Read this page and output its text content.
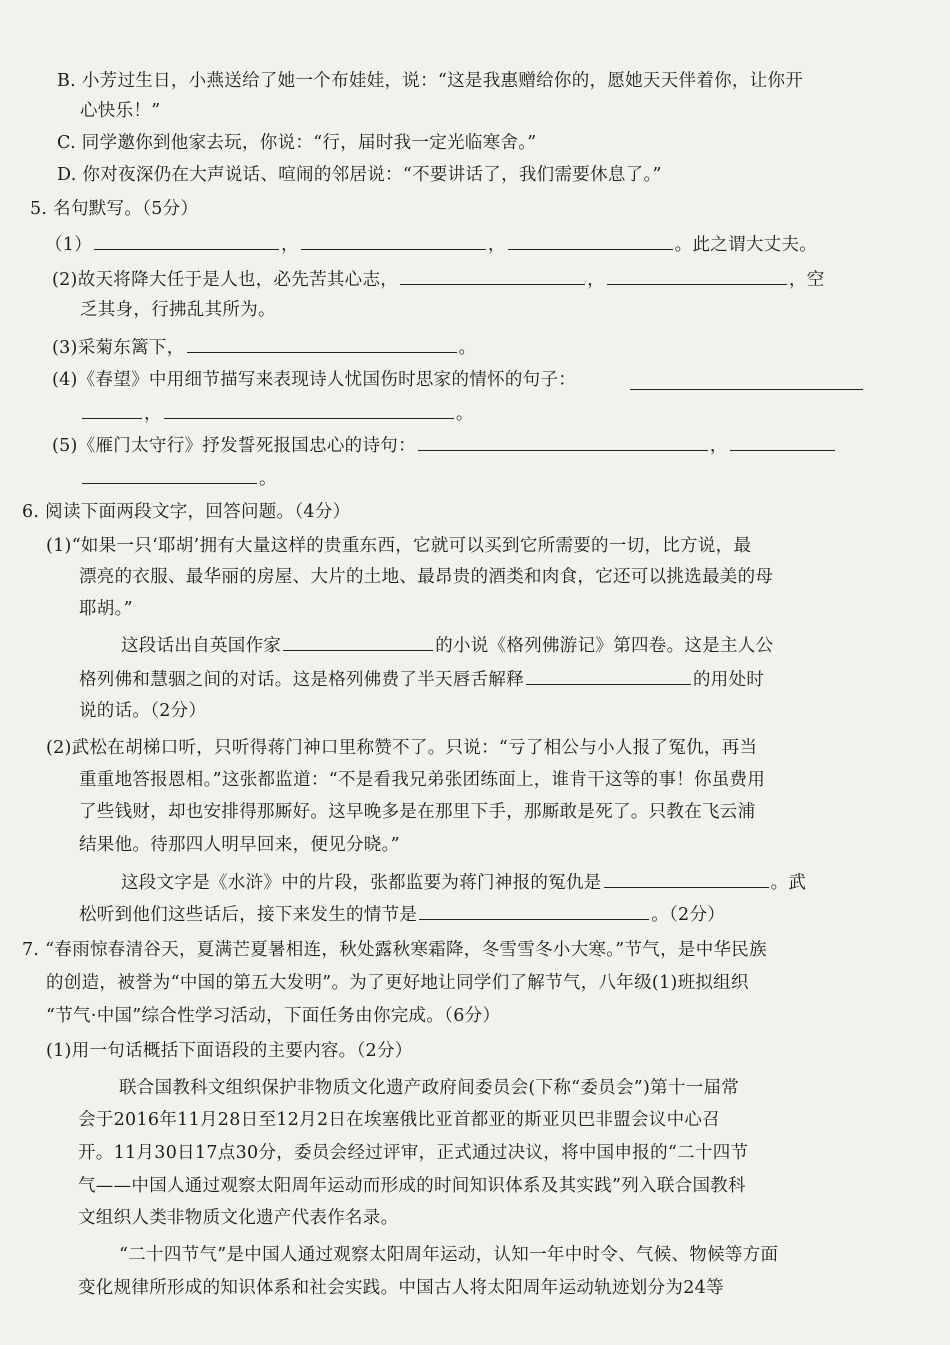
B. 小芳过生日，小燕送给了她一个布娃娃，说：“这是我惠赠给你的，愿她天天伴着你，让你开
心快乐！”
C. 同学邀你到他家去玩，你说：“行，届时我一定光临寒舍。”
D. 你对夜深仍在大声说话、喧闹的邻居说：“不要讲话了，我们需要休息了。”
5. 名句默写。（5分）
（1）	，	，	。此之谓大丈夫。
(2)故天将降大任于是人也，必先苦其心志，	，	，空
乏其身，行拂乱其所为。
(3)采菊东篱下，	。
(4)《春望》中用细节描写来表现诗人忧国伤时思家的情怀的句子：
，	。
(5)《雁门太守行》抒发誓死报国忠心的诗句：	，
。
6. 阅读下面两段文字，回答问题。（4分）
(1)“如果一只‘耶胡’拥有大量这样的贵重东西，它就可以买到它所需要的一切，比方说，最
漂亮的衣服、最华丽的房屋、大片的土地、最昂贵的酒类和肉食，它还可以挑选最美的母
耶胡。”
这段话出自英国作家	的小说《格列佛游记》第四卷。这是主人公
格列佛和慧骃之间的对话。这是格列佛费了半天唇舌解释	的用处时
说的话。（2分）
(2)武松在胡梯口听，只听得蒋门神口里称赞不了。只说：“亏了相公与小人报了冤仇，再当
重重地答报恩相。”这张都监道：“不是看我兄弟张团练面上，谁肯干这等的事！你虽费用
了些钱财，却也安排得那厮好。这早晚多是在那里下手，那厮敢是死了。只教在飞云浦
结果他。待那四人明早回来，便见分晓。”
这段文字是《水浒》中的片段，张都监要为蒋门神报的冤仇是	。武
松听到他们这些话后，接下来发生的情节是	。（2分）
7. “春雨惊春清谷天，夏满芒夏暑相连，秋处露秋寒霜降，冬雪雪冬小大寒。”节气，是中华民族
的创造，被誉为“中国的第五大发明”。为了更好地让同学们了解节气，八年级(1)班拟组织
“节气·中国”综合性学习活动，下面任务由你完成。（6分）
(1)用一句话概括下面语段的主要内容。（2分）
联合国教科文组织保护非物质文化遗产政府间委员会(下称“委员会”)第十一届常
会于2016年11月28日至12月2日在埃塞俄比亚首都亚的斯亚贝巴非盟会议中心召
开。11月30日17点30分，委员会经过评审，正式通过决议，将中国申报的“二十四节
气——中国人通过观察太阳周年运动而形成的时间知识体系及其实践”列入联合国教科
文组织人类非物质文化遗产代表作名录。
“二十四节气”是中国人通过观察太阳周年运动，认知一年中时令、气候、物候等方面
变化规律所形成的知识体系和社会实践。中国古人将太阳周年运动轨迹划分为24等
